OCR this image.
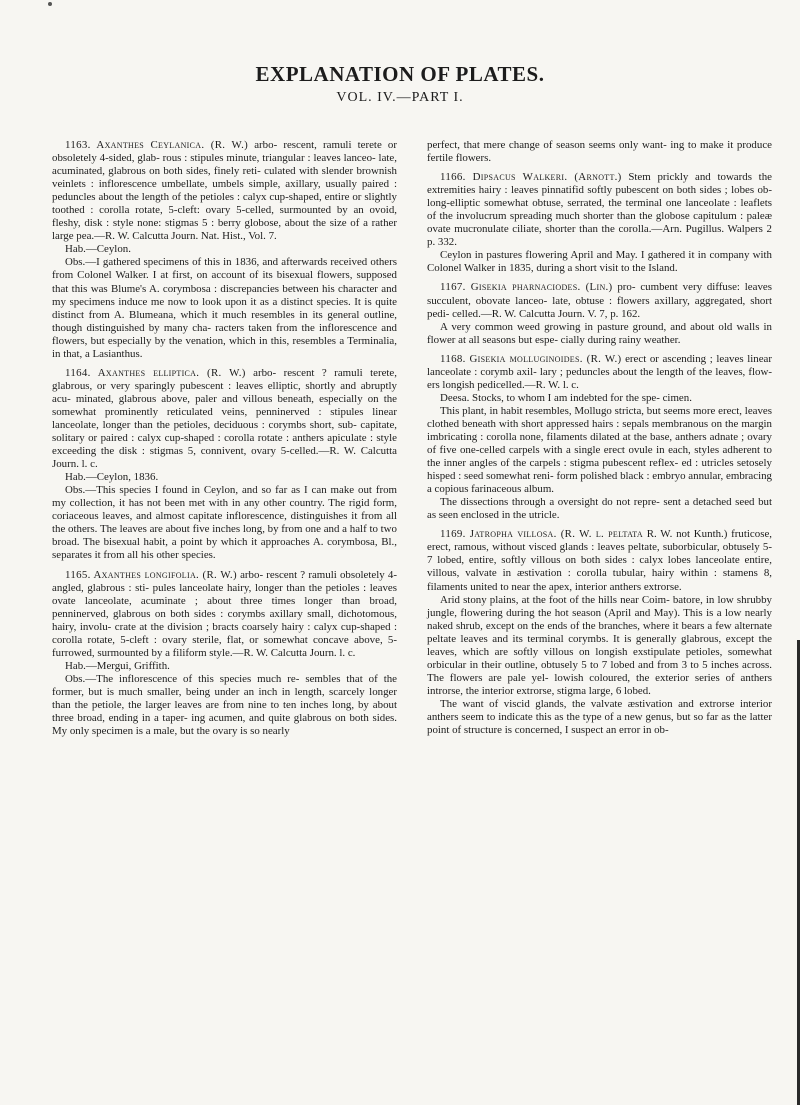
EXPLANATION OF PLATES.
VOL. IV.—PART I.

1163. Axanthes Ceylanica. (R. W.) arbo- rescent, ramuli terete or obsoletely 4-sided, glab- rous : stipules minute, triangular : leaves lanceo- late, acuminated, glabrous on both sides, finely reti- culated with slender brownish veinlets : inflorescence umbellate, umbels simple, axillary, usually paired : peduncles about the length of the petioles : calyx cup-shaped, entire or slightly toothed : corolla rotate, 5-cleft: ovary 5-celled, surmounted by an ovoid, fleshy, disk : style none: stigmas 5 : berry globose, about the size of a rather large pea.—R. W. Calcutta Journ. Nat. Hist., Vol. 7.

Hab.—Ceylon.

Obs.—I gathered specimens of this in 1836, and afterwards received others from Colonel Walker. I at first, on account of its bisexual flowers, supposed that this was Blume's A. corymbosa : discrepancies between his character and my specimens induce me now to look upon it as a distinct species. It is quite distinct from A. Blumeana, which it much resembles in its general outline, though distinguished by many cha- racters taken from the inflorescence and flowers, but especially by the venation, which in this, resembles a Terminalia, in that, a Lasianthus.

1164. Axanthes elliptica. (R. W.) arbo- rescent ? ramuli terete, glabrous, or very sparingly pubescent : leaves elliptic, shortly and abruptly acu- minated, glabrous above, paler and villous beneath, especially on the somewhat prominently reticulated veins, penninerved : stipules linear lanceolate, longer than the petioles, deciduous : corymbs short, sub- capitate, solitary or paired : calyx cup-shaped : corolla rotate : anthers apiculate : style exceeding the disk : stigmas 5, connivent, ovary 5-celled.—R. W. Calcutta Journ. l. c.

Hab.—Ceylon, 1836.

Obs.—This species I found in Ceylon, and so far as I can make out from my collection, it has not been met with in any other country. The rigid form, coriaceous leaves, and almost capitate inflorescence, distinguishes it from all the others. The leaves are about five inches long, by from one and a half to two broad. The bisexual habit, a point by which it approaches A. corymbosa, Bl., separates it from all his other species.

1165. Axanthes longifolia. (R. W.) arbo- rescent ? ramuli obsoletely 4-angled, glabrous : sti- pules lanceolate hairy, longer than the petioles : leaves ovate lanceolate, acuminate ; about three times longer than broad, penninerved, glabrous on both sides : corymbs axillary small, dichotomous, hairy, involu- crate at the division ; bracts coarsely hairy : calyx cup-shaped : corolla rotate, 5-cleft : ovary sterile, flat, or somewhat concave above, 5-furrowed, surmounted by a filiform style.—R. W. Calcutta Journ. l. c.

Hab.—Mergui, Griffith.

Obs.—The inflorescence of this species much re- sembles that of the former, but is much smaller, being under an inch in length, scarcely longer than the petiole, the larger leaves are from nine to ten inches long, by about three broad, ending in a taper- ing acumen, and quite glabrous on both sides. My only specimen is a male, but the ovary is so nearly

perfect, that mere change of season seems only want- ing to make it produce fertile flowers.

1166. Dipsacus Walkeri. (Arnott.) Stem prickly and towards the extremities hairy : leaves pinnatifid softly pubescent on both sides ; lobes ob- long-elliptic somewhat obtuse, serrated, the terminal one lanceolate : leaflets of the involucrum spreading much shorter than the globose capitulum : paleæ ovate mucronulate ciliate, shorter than the corolla.—Arn. Pugillus. Walpers 2 p. 332.

Ceylon in pastures flowering April and May. I gathered it in company with Colonel Walker in 1835, during a short visit to the Island.

1167. Gisekia pharnaciodes. (Lin.) pro- cumbent very diffuse: leaves succulent, obovate lanceo- late, obtuse : flowers axillary, aggregated, short pedi- celled.—R. W. Calcutta Journ. V. 7, p. 162.

A very common weed growing in pasture ground, and about old walls in flower at all seasons but espe- cially during rainy weather.

1168. Gisekia molluginoides. (R. W.) erect or ascending ; leaves linear lanceolate : corymb axil- lary ; peduncles about the length of the leaves, flow- ers longish pedicelled.—R. W. l. c.

Deesa. Stocks, to whom I am indebted for the spe- cimen.

This plant, in habit resembles, Mollugo stricta, but seems more erect, leaves clothed beneath with short appressed hairs : sepals membranous on the margin imbricating : corolla none, filaments dilated at the base, anthers adnate ; ovary of five one-celled carpels with a single erect ovule in each, styles adherent to the inner angles of the carpels : stigma pubescent reflex- ed : utricles setosely hisped : seed somewhat reni- form polished black : embryo annular, embracing a copious farinaceous album.

The dissections through a oversight do not repre- sent a detached seed but as seen enclosed in the utricle.

1169. Jatropha villosa. (R. W. l. peltata R. W. not Kunth.) fruticose, erect, ramous, without visced glands : leaves peltate, suborbicular, obtusely 5-7 lobed, entire, softly villous on both sides : calyx lobes lanceolate entire, villous, valvate in æstivation : corolla tubular, hairy within : stamens 8, filaments united to near the apex, interior anthers extrorse.

Arid stony plains, at the foot of the hills near Coim- batore, in low shrubby jungle, flowering during the hot season (April and May). This is a low nearly naked shrub, except on the ends of the branches, where it bears a few alternate peltate leaves and its terminal corymbs. It is generally glabrous, except the leaves, which are softly villous on longish exstipulate petioles, somewhat orbicular in their outline, obtusely 5 to 7 lobed and from 3 to 5 inches across. The flowers are pale yel- lowish coloured, the exterior series of anthers introrse, the interior extrorse, stigma large, 6 lobed.

The want of viscid glands, the valvate æstivation and extrorse interior anthers seem to indicate this as the type of a new genus, but so far as the latter point of structure is concerned, I suspect an error in ob-
